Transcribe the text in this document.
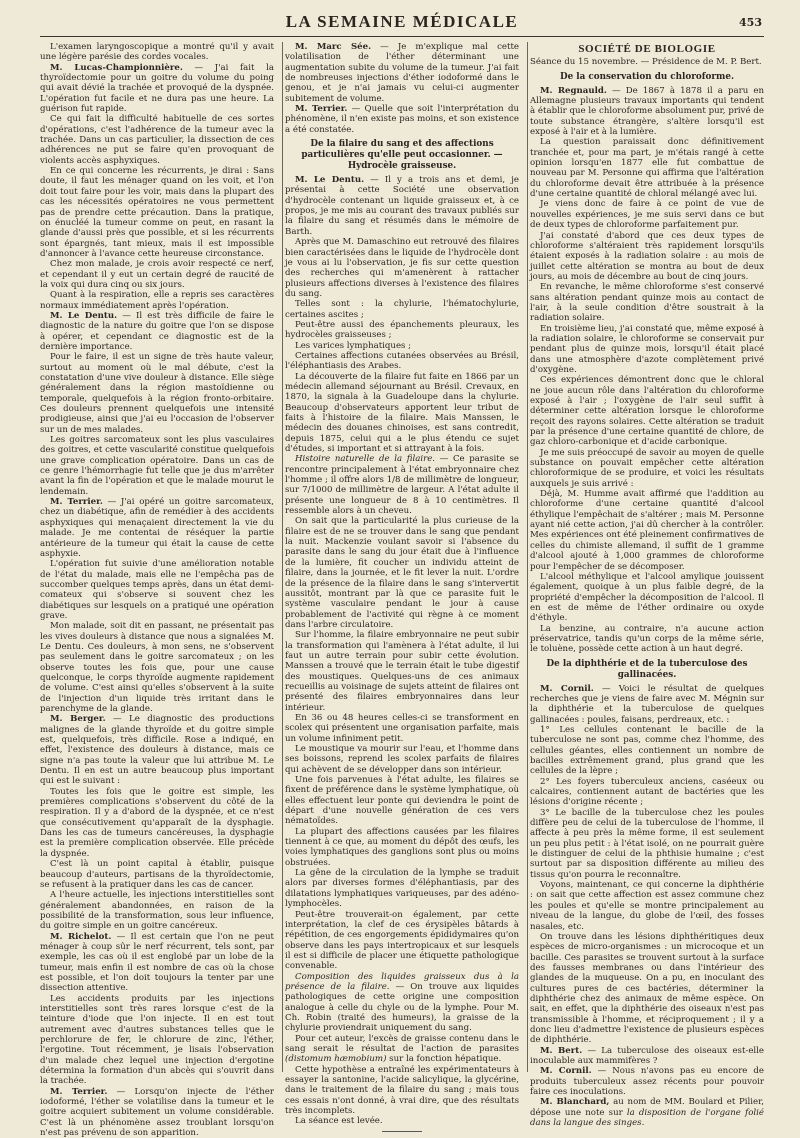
LA SEMAINE MÉDICALE	453

L'examen laryngoscopique a montré qu'il y avait une légère parésie des cordes vocales.

M. Lucas-Championnière. — J'ai fait la thyroïdectomie pour un goitre du volume du poing qui avait dévié la trachée et provoqué de la dyspnée. L'opération fut facile et ne dura pas une heure. La guérison fut rapide.

Ce qui fait la difficulté habituelle de ces sortes d'opérations, c'est l'adhérence de la tumeur avec la trachée. Dans un cas particulier, la dissection de ces adhérences ne put se faire qu'en provoquant de violents accès asphyxiques.

En ce qui concerne les récurrents, je dirai : Sans doute, il faut les ménager quand on les voit, et l'on doit tout faire pour les voir, mais dans la plupart des cas les nécessités opératoires ne vous permettent pas de prendre cette précaution. Dans la pratique, on énucléé la tumeur comme on peut, en rasant la glande d'aussi près que possible, et si les récurrents sont épargnés, tant mieux, mais il est impossible d'annoncer à l'avance cette heureuse circonstance.

Chez mon malade, je crois avoir respecté ce nerf, et cependant il y eut un certain degré de raucité de la voix qui dura cinq ou six jours.

Quant à la respiration, elle a repris ses caractères normaux immédiatement après l'opération.

M. Le Dentu. — Il est très difficile de faire le diagnostic de la nature du goitre que l'on se dispose à opérer, et cependant ce diagnostic est de la dernière importance.

Pour le faire, il est un signe de très haute valeur, surtout au moment où le mal débute, c'est la constatation d'une vive douleur à distance. Elle siège généralement dans la région mastoïdienne ou temporale, quelquefois à la région fronto-orbitaire. Ces douleurs prennent quelquefois une intensité prodigieuse, ainsi que j'ai eu l'occasion de l'observer sur un de mes malades.

Les goitres sarcomateux sont les plus vasculaires des goitres, et cette vascularité constitue quelquefois une grave complication opératoire. Dans un cas de ce genre l'hémorrhagie fut telle que je dus m'arrêter avant la fin de l'opération et que le malade mourut le lendemain.

M. Terrier. — J'ai opéré un goitre sarcomateux, chez un diabétique, afin de remédier à des accidents asphyxiques qui menaçaient directement la vie du malade. Je me contentai de réséquer la partie antérieure de la tumeur qui était la cause de cette asphyxie.

L'opération fut suivie d'une amélioration notable de l'état du malade, mais elle ne l'empêcha pas de succomber quelques temps après, dans un état demi-comateux qui s'observe si souvent chez les diabétiques sur lesquels on a pratiqué une opération grave.

Mon malade, soit dit en passant, ne présentait pas les vives douleurs à distance que nous a signalées M. Le Dentu. Ces douleurs, à mon sens, ne s'observent pas seulement dans le goitre sarcomateux ; on les observe toutes les fois que, pour une cause quelconque, le corps thyroïde augmente rapidement de volume. C'est ainsi qu'elles s'observent à la suite de l'injection d'un liquide très irritant dans le parenchyme de la glande.

M. Berger. — Le diagnostic des productions malignes de la glande thyroïde et du goitre simple est, quelquefois, très difficile. Rose a indiqué, en effet, l'existence des douleurs à distance, mais ce signe n'a pas toute la valeur que lui attribue M. Le Dentu. Il en est un autre beaucoup plus important qui est le suivant :

Toutes les fois que le goitre est simple, les premières complications s'observent du côté de la respiration. Il y a d'abord de la dyspnée, et ce n'est que consécutivement qu'apparaît de la dysphagie. Dans les cas de tumeurs cancéreuses, la dysphagie est la première complication observée. Elle précède la dyspnée.

C'est là un point capital à établir, puisque beaucoup d'auteurs, partisans de la thyroïdectomie, se refusent à la pratiquer dans les cas de cancer.

A l'heure actuelle, les injections interstitielles sont généralement abandonnées, en raison de la possibilité de la transformation, sous leur influence, du goitre simple en un goitre cancéreux.

M. Richelot. — Il est certain que l'on ne peut ménager à coup sûr le nerf récurrent, tels sont, par exemple, les cas où il est englobé par un lobe de la tumeur, mais enfin il est nombre de cas où la chose est possible, et l'on doit toujours la tenter par une dissection attentive.

Les accidents produits par les injections interstitielles sont très rares lorsque c'est de la teinture d'iode que l'on injecte. Il en est tout autrement avec d'autres substances telles que le perchlorure de fer, le chlorure de zinc, l'éther, l'ergotine. Tout récemment, je lisais l'observation d'un malade chez lequel une injection d'ergotine détermina la formation d'un abcès qui s'ouvrit dans la trachée.

M. Terrier. — Lorsqu'on injecte de l'éther iodoformé, l'éther se volatilise dans la tumeur et le goitre acquiert subitement un volume considérable. C'est là un phénomène assez troublant lorsqu'on n'est pas prévenu de son apparition.

M. Marc Sée. — Je m'explique mal cette volatilisation de l'éther déterminant une augmentation subite du volume de la tumeur. J'ai fait de nombreuses injections d'éther iodoformé dans le genou, et je n'ai jamais vu celui-ci augmenter subitement de volume.

M. Terrier. — Quelle que soit l'interprétation du phénomène, il n'en existe pas moins, et son existence a été constatée.

De la filaire du sang et des affections particulières qu'elle peut occasionner. — Hydrocèle graisseuse.

M. Le Dentu. — Il y a trois ans et demi, je présentai à cette Société une observation d'hydrocèle contenant un liquide graisseux et, à ce propos, je me mis au courant des travaux publiés sur la filaire du sang et résumés dans le mémoire de Barth.

Après que M. Damaschino eut retrouvé des filaires bien caractérisées dans le liquide de l'hydrocèle dont je vous ai lu l'observation, je fis sur cette question des recherches qui m'amenèrent à rattacher plusieurs affections diverses à l'existence des filaires du sang.

Telles sont : la chylurie, l'hématochylurie, certaines ascites ;

Peut-être aussi des épanchements pleuraux, les hydrocèles graisseuses ;

Les varices lymphatiques ;

Certaines affections cutanées observées au Brésil, l'éléphantiasis des Arabes.

La découverte de la filaire fut faite en 1866 par un médecin allemand séjournant au Brésil. Crevaux, en 1870, la signala à la Guadeloupe dans la chylurie. Beaucoup d'observateurs apportent leur tribut de faits à l'histoire de la filaire. Mais Manssen, le médecin des douanes chinoises, est sans contredit, depuis 1875, celui qui a le plus étendu ce sujet d'études, si important et si attrayant à la fois.

Histoire naturelle de la filaire. — Ce parasite se rencontre principalement à l'état embryonnaire chez l'homme ; il offre alors 1/8 de millimètre de longueur, sur 7/1000 de millimètre de largeur. A l'état adulte il présente une longueur de 8 à 10 centimètres. Il ressemble alors à un cheveu.

On sait que la particularité la plus curieuse de la filaire est de ne se trouver dans le sang que pendant la nuit. Mackenzie voulant savoir si l'absence du parasite dans le sang du jour était due à l'influence de la lumière, fit coucher un individu atteint de filaire, dans la journée, et le fit lever la nuit. L'ordre de la présence de la filaire dans le sang s'intervertit aussitôt, montrant par là que ce parasite fuit le système vasculaire pendant le jour à cause probablement de l'activité qui règne à ce moment dans l'arbre circulatoire.

Sur l'homme, la filaire embryonnaire ne peut subir la transformation qui l'amènera à l'état adulte, il lui faut un autre terrain pour subir cette évolution. Manssen a trouvé que le terrain était le tube digestif des moustiques. Quelques-uns de ces animaux recueillis au voisinage de sujets atteint de filaires ont présenté des filaires embryonnaires dans leur intérieur.

En 36 ou 48 heures celles-ci se transforment en scolex qui présentent une organisation parfaite, mais un volume infiniment petit.

Le moustique va mourir sur l'eau, et l'homme dans ses boissons, reprend les scolex parfaits de filaires qui achèvent de se développer dans son intérieur.

Une fois parvenues à l'état adulte, les filaires se fixent de préférence dans le système lymphatique, où elles effectuent leur ponte qui deviendra le point de départ d'une nouvelle génération de ces vers nématoïdes.

La plupart des affections causées par les filaires tiennent à ce que, au moment du dépôt des œufs, les voies lymphatiques des ganglions sont plus ou moins obstruées.

La gêne de la circulation de la lymphe se traduit alors par diverses formes d'éléphantiasis, par des dilatations lymphatiques variqueuses, par des adéno-lymphocèles.

Peut-être trouverait-on également, par cette interprétation, la clef de ces érysipèles bâtards à répétition, de ces engorgements épididymaires qu'on observe dans les pays intertropicaux et sur lesquels il est si difficile de placer une étiquette pathologique convenable.

Composition des liquides graisseux dus à la présence de la filaire. — On trouve aux liquides pathologiques de cette origine une composition analogue à celle du chyle ou de la lymphe. Pour M. Ch. Robin (traité des humeurs), la graisse de la chylurie proviendrait uniquement du sang.

Pour cet auteur, l'excès de graisse contenu dans le sang serait le résultat de l'action de parasites (distomum hæmobium) sur la fonction hépatique.

Cette hypothèse a entraîné les expérimentateurs à essayer la santonine, l'acide salicylique, la glycérine, dans le traitement de la filaire du sang ; mais tous ces essais n'ont donné, à vrai dire, que des résultats très incomplets.

La séance est levée.

SOCIÉTÉ DE BIOLOGIE

Séance du 15 novembre. — Présidence de M. P. Bert.

De la conservation du chloroforme.

M. Regnauld. — De 1867 à 1878 il a paru en Allemagne plusieurs travaux importants qui tendent à établir que le chloroforme absolument pur, privé de toute substance étrangère, s'altère lorsqu'il est exposé à l'air et à la lumière.

La question paraissait donc définitivement tranchée et, pour ma part, je m'étais rangé à cette opinion lorsqu'en 1877 elle fut combattue de nouveau par M. Personne qui affirma que l'altération du chloroforme devait être attribuée à la présence d'une certaine quantité de chloral mélangé avec lui.

Je viens donc de faire à ce point de vue de nouvelles expériences, je me suis servi dans ce but de deux types de chloroforme parfaitement pur.

J'ai constaté d'abord que ces deux types de chloroforme s'altéraient très rapidement lorsqu'ils étaient exposés à la radiation solaire : au mois de juillet cette altération se montra au bout de deux jours, au mois de décembre au bout de cinq jours.

En revanche, le même chloroforme s'est conservé sans altération pendant quinze mois au contact de l'air, à la seule condition d'être soustrait à la radiation solaire.

En troisième lieu, j'ai constaté que, même exposé à la radiation solaire, le chloroforme se conservait pur pendant plus de quinze mois, lorsqu'il était placé dans une atmosphère d'azote complètement privé d'oxygène.

Ces expériences démontrent donc que le chloral ne joue aucun rôle dans l'altération du chloroforme exposé à l'air ; l'oxygène de l'air seul suffit à déterminer cette altération lorsque le chloroforme reçoit des rayons solaires. Cette altération se traduit par la présence d'une certaine quantité de chlore, de gaz chloro-carbonique et d'acide carbonique.

Je me suis préoccupé de savoir au moyen de quelle substance on pouvait empêcher cette altération chloroformique de se produire, et voici les résultats auxquels je suis arrivé :

Déjà, M. Humme avait affirmé que l'addition au chloroforme d'une certaine quantité d'alcool éthylique l'empêchait de s'altérer ; mais M. Personne ayant nié cette action, j'ai dû chercher à la contrôler. Mes expériences ont été pleinement confirmatives de celles du chimiste allemand, il suffit de 1 gramme d'alcool ajouté à 1,000 grammes de chloroforme pour l'empêcher de se décomposer.

L'alcool méthylique et l'alcool amylique jouissent également, quoique à un plus faible degré, de la propriété d'empêcher la décomposition de l'alcool. Il en est de même de l'éther ordinaire ou oxyde d'éthyle.

La benzine, au contraire, n'a aucune action préservatrice, tandis qu'un corps de la même série, le toluène, possède cette action à un haut degré.

De la diphthérie et de la tuberculose des gallinacées.

M. Cornil. — Voici le résultat de quelques recherches que je viens de faire avec M. Mégnin sur la diphthérie et la tuberculose de quelques gallinacées : poules, faisans, perdreaux, etc. :

1° Les cellules contenant le bacille de la tuberculose ne sont pas, comme chez l'homme, des cellules géantes, elles contiennent un nombre de bacilles extrêmement grand, plus grand que les cellules de la lèpre ;

2° Les foyers tuberculeux anciens, caséeux ou calcaires, contiennent autant de bactéries que les lésions d'origine récente ;

3° Le bacille de la tuberculose chez les poules diffère peu de celui de la tuberculose de l'homme, il affecte à peu près la même forme, il est seulement un peu plus petit : à l'état isolé, on ne pourrait guère le distinguer de celui de la phthisie humaine ; c'est surtout par sa disposition différente au milieu des tissus qu'on pourra le reconnaître.

Voyons, maintenant, ce qui concerne la diphthérie : on sait que cette affection est assez commune chez les poules et qu'elle se montre principalement au niveau de la langue, du globe de l'œil, des fosses nasales, etc.

On trouve dans les lésions diphthéritiques deux espèces de micro-organismes : un microcoque et un bacille. Ces parasites se trouvent surtout à la surface des fausses membranes ou dans l'intérieur des glandes de la muqueuse. On a pu, en inoculant des cultures pures de ces bactéries, déterminer la diphthérie chez des animaux de même espèce. On sait, en effet, que la diphthérie des oiseaux n'est pas transmissible à l'homme, et réciproquement ; il y a donc lieu d'admettre l'existence de plusieurs espèces de diphthérie.

M. Bert. — La tuberculose des oiseaux est-elle inoculable aux mammifères ?

M. Cornil. — Nous n'avons pas eu encore de produits tuberculeux assez récents pour pouvoir faire ces inoculations.

M. Blanchard, au nom de MM. Boulard et Pilier, dépose une note sur la disposition de l'organe folié dans la langue des singes.
